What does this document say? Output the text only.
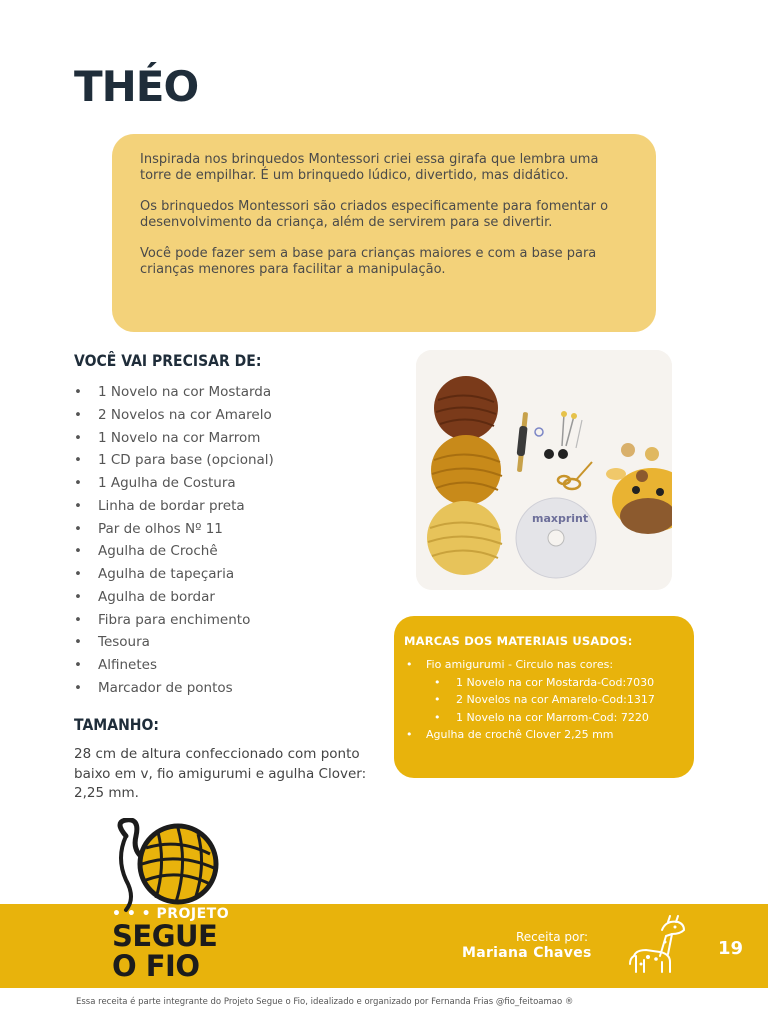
THÉO

Inspirada nos brinquedos Montessori criei essa girafa que lembra uma torre de empilhar. É um brinquedo lúdico, divertido, mas didático.

Os brinquedos Montessori são criados especificamente para fomentar o desenvolvimento da criança, além de servirem para se divertir.

Você pode fazer sem a base para crianças maiores e com a base para crianças menores para facilitar a manipulação.

VOCÊ VAI PRECISAR DE:
• 1 Novelo na cor Mostarda
• 2 Novelos na cor Amarelo
• 1 Novelo na cor Marrom
• 1 CD para base (opcional)
• 1 Agulha de Costura
• Linha de bordar preta
• Par de olhos Nº 11
• Agulha de Crochê
• Agulha de tapeçaria
• Agulha de bordar
• Fibra para enchimento
• Tesoura
• Alfinetes
• Marcador de pontos
TAMANHO:

28 cm de altura confeccionado com ponto baixo em v, fio amigurumi e agulha Clover: 2,25 mm.

maxprint
MARCAS DOS MATERIAIS USADOS:
• Fio amigurumi - Circulo nas cores:
• 1 Novelo na cor Mostarda-Cod:7030
• 2 Novelos na cor Amarelo-Cod:1317
• 1 Novelo na cor Marrom-Cod: 7220
• Agulha de crochê Clover 2,25 mm
• • • PROJETO
SEGUE
O FIO
Receita por:
Mariana Chaves	19
Essa receita é parte integrante do Projeto Segue o Fio, idealizado e organizado por Fernanda Frias @fio_feitoamao ®
